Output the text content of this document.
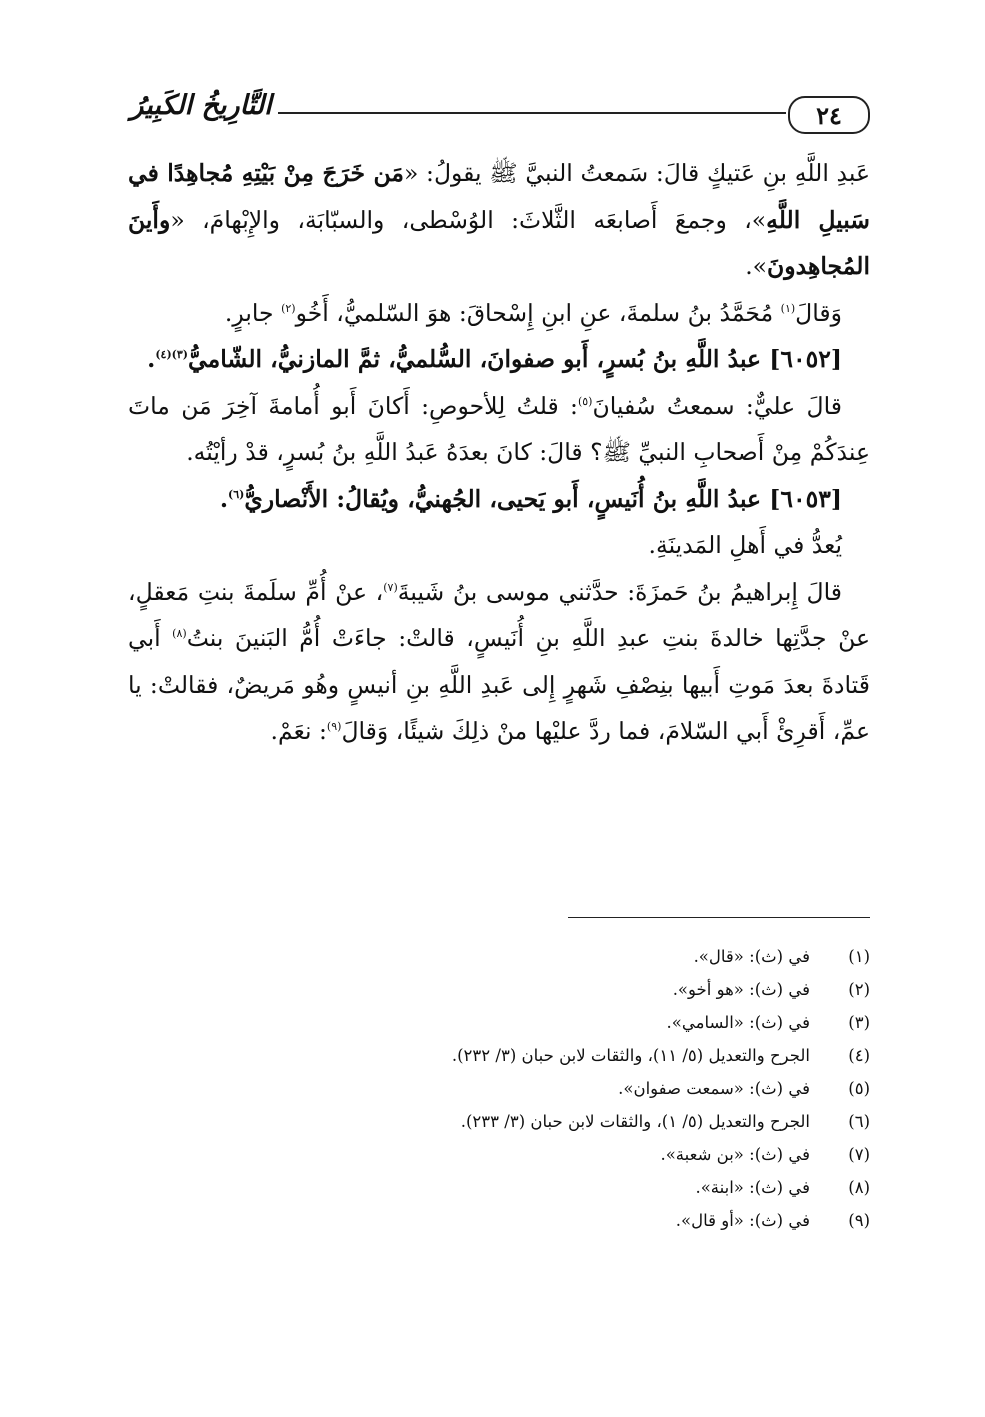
٢٤
التَّارِيخُ الكَبِيرُ

عَبدِ اللَّهِ بنِ عَتيكٍ قالَ: سَمعتُ النبيَّ ﷺ يقولُ: «مَن خَرَجَ مِنْ بَيْتِهِ مُجاهِدًا في سَبيلِ اللَّهِ»، وجمعَ أَصابعَه الثَّلاثَ: الوُسْطى، والسبّابَة، والإِبْهامَ، «وأَينَ المُجاهِدونَ».

وَقالَ$^{(١)}$ مُحَمَّدُ بنُ سلمةَ، عنِ ابنِ إِسْحاقَ: هوَ السّلميُّ، أَخُو$^{(٢)}$ جابرٍ.

[٦٠٥٢] عبدُ اللَّهِ بنُ بُسرٍ، أَبو صفوانَ، السُّلميُّ، ثمَّ المازنيُّ، الشّاميُّ$^{(٣)(٤)}$.

قالَ عليٌّ: سمعتُ سُفيانَ$^{(٥)}$: قلتُ لِلأحوصِ: أَكانَ أَبو أُمامةَ آخِرَ مَن ماتَ عِندَكُمْ مِنْ أَصحابِ النبيِّ ﷺ؟ قالَ: كانَ بعدَهُ عَبدُ اللَّهِ بنُ بُسرٍ، قدْ رأيْتُه.

[٦٠٥٣] عبدُ اللَّهِ بنُ أُنَيسٍ، أَبو يَحيى، الجُهنيُّ، ويُقالُ: الأَنْصاريُّ$^{(٦)}$.

يُعدُّ في أَهلِ المَدينَةِ.

قالَ إِبراهيمُ بنُ حَمزَةَ: حدَّثني موسى بنُ شَيبةَ$^{(٧)}$، عنْ أُمِّ سلَمةَ بنتِ مَعقلٍ، عنْ جدَّتِها خالدةَ بنتِ عبدِ اللَّهِ بنِ أُنَيسٍ، قالتْ: جاءَتْ أُمُّ البَنينَ بنتُ$^{(٨)}$ أَبي قَتادةَ بعدَ مَوتِ أَبيها بنِصْفِ شَهرٍ إِلى عَبدِ اللَّهِ بنِ أنيسٍ وهُو مَريضٌ، فقالتْ: يا عمِّ، أَقرِئْ أَبي السّلامَ، فما ردَّ عليْها منْ ذلِكَ شيئًا، وَقالَ$^{(٩)}$: نعَمْ.

(١)
في (ث): «قال».
(٢)
في (ث): «هو أخو».
(٣)
في (ث): «السامي».
(٤)
الجرح والتعديل (٥/ ١١)، والثقات لابن حبان (٣/ ٢٣٢).
(٥)
في (ث): «سمعت صفوان».
(٦)
الجرح والتعديل (٥/ ١)، والثقات لابن حبان (٣/ ٢٣٣).
(٧)
في (ث): «بن شعبة».
(٨)
في (ث): «ابنة».
(٩)
في (ث): «أو قال».
